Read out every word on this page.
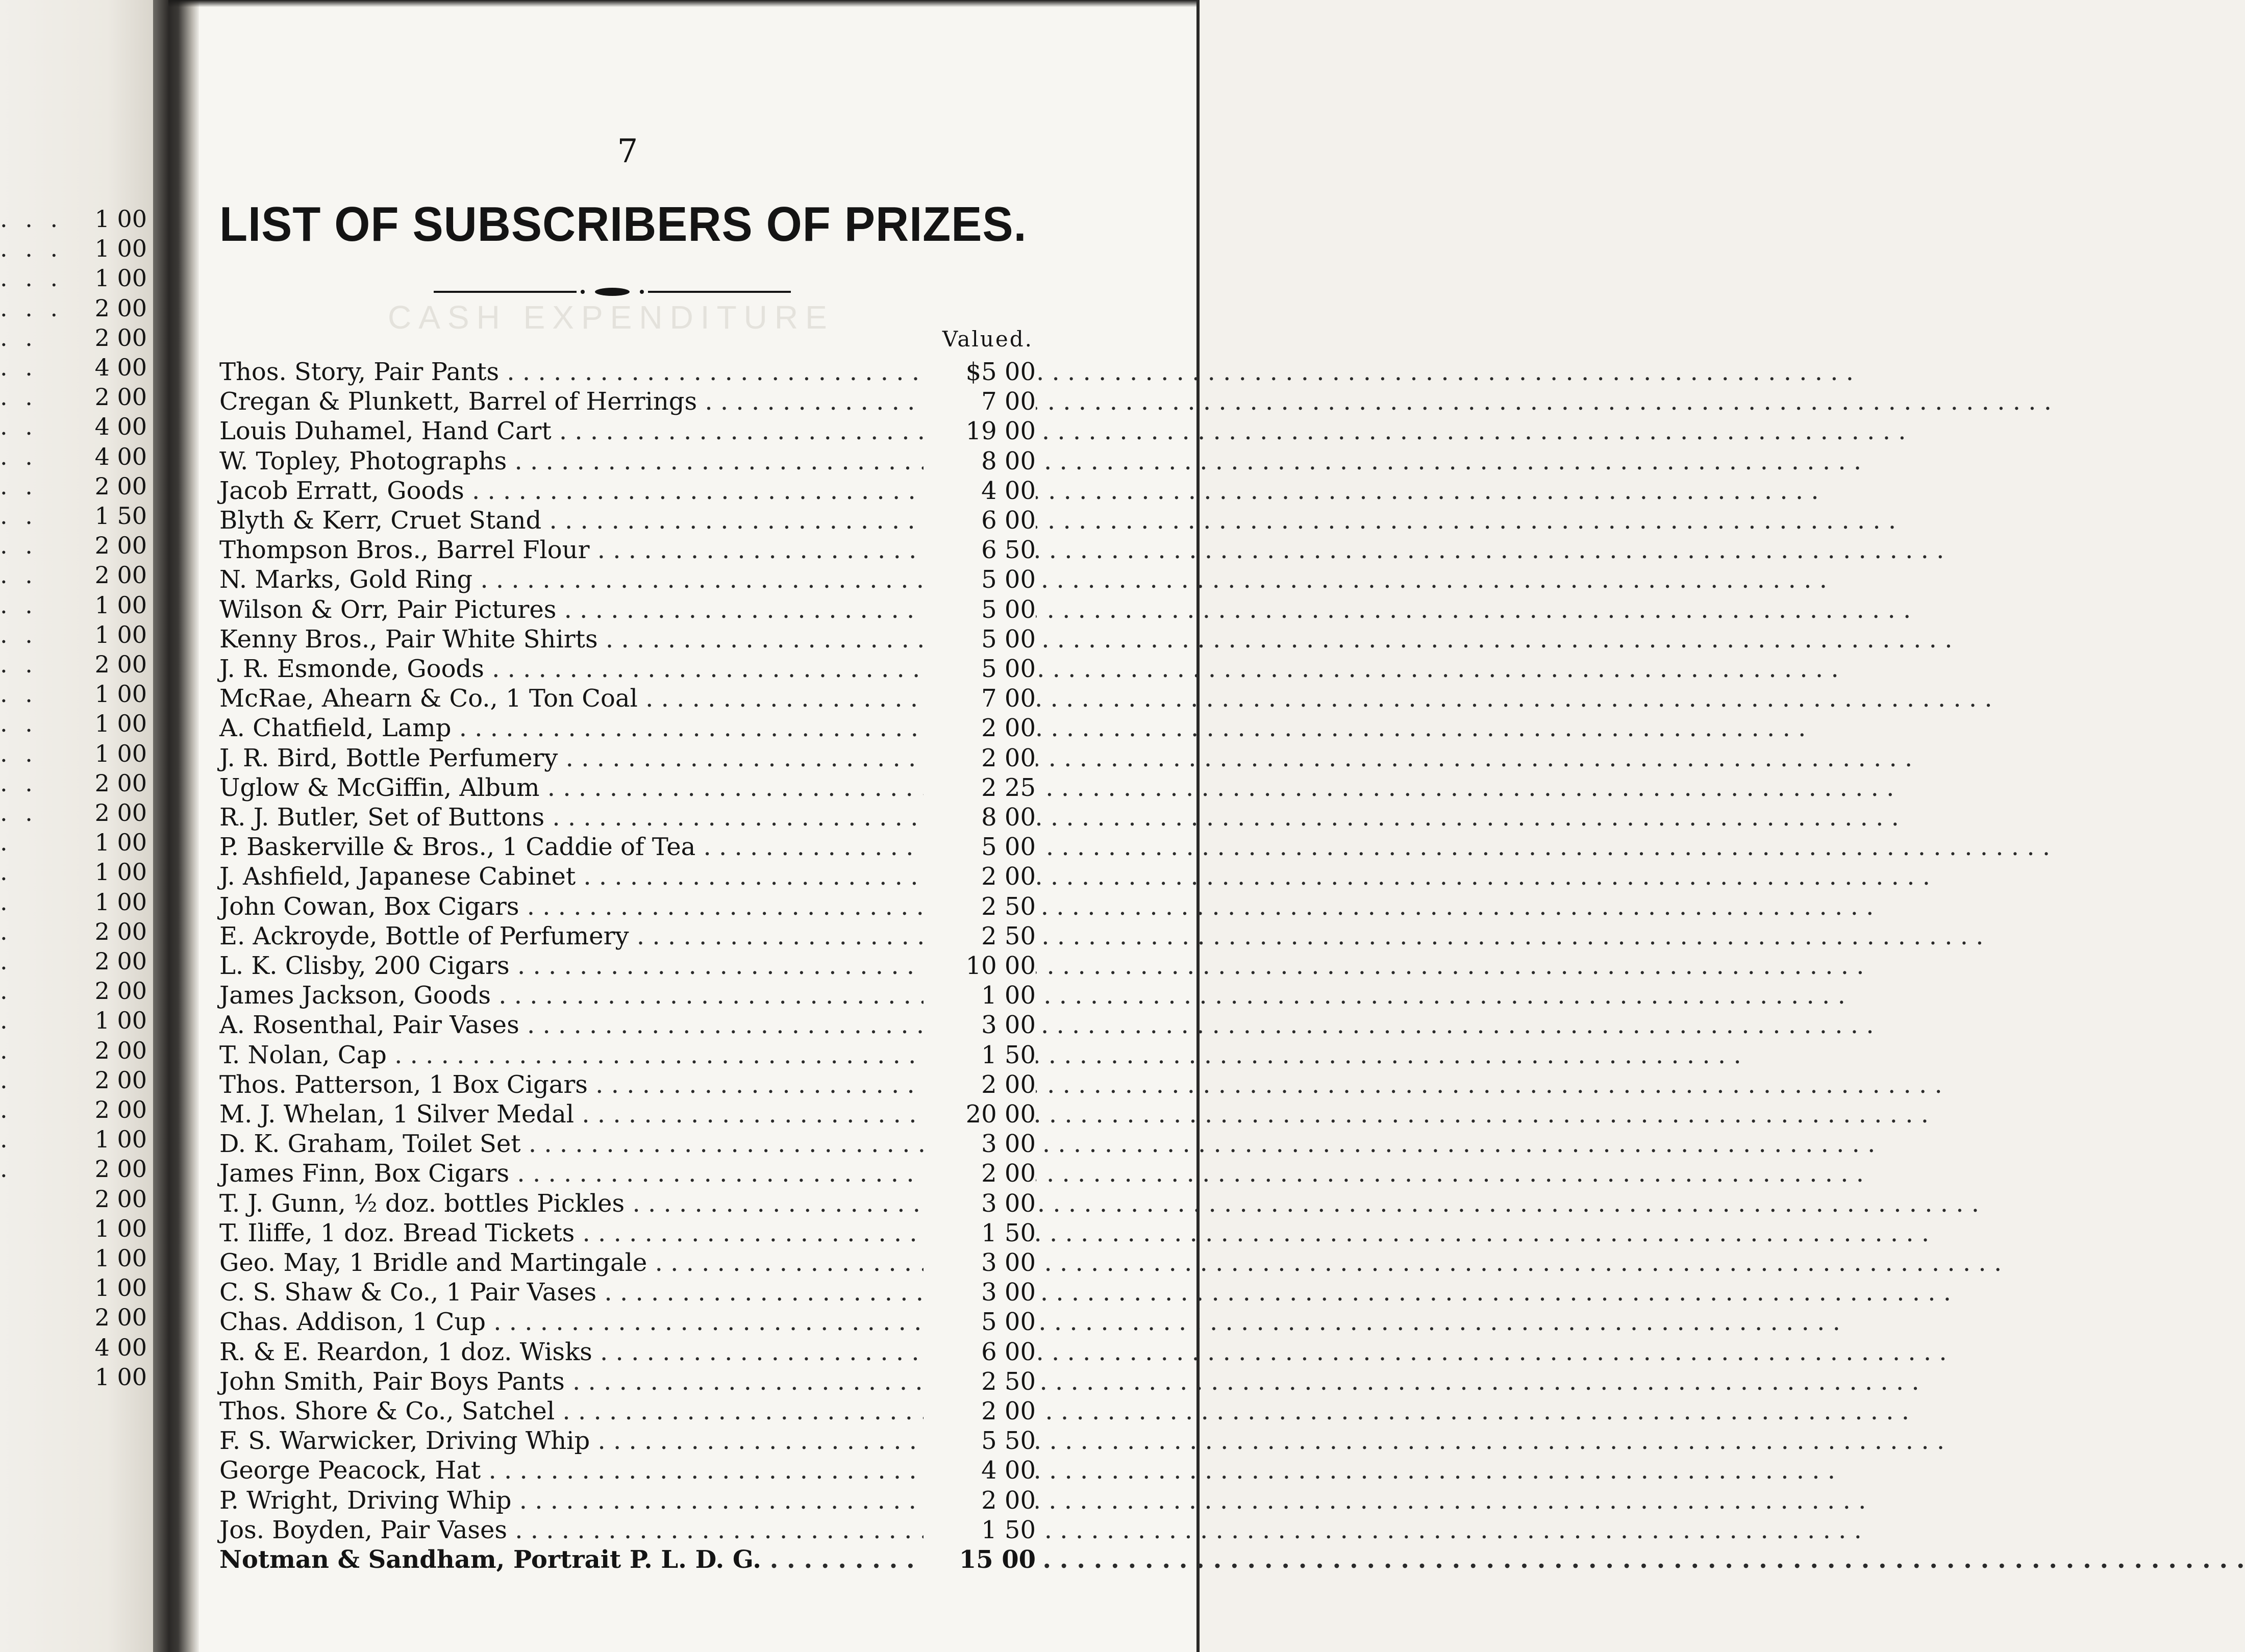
. . . 1 00
. . . 1 00
. . . 1 00
. . . 2 00
. . 2 00
. . 4 00
. . 2 00
. . 4 00
. . 4 00
. . 2 00
. . 1 50
. . 2 00
. . 2 00
. . 1 00
. . 1 00
. . 2 00
. . 1 00
. . 1 00
. . 1 00
. . 2 00
. . 2 00
.	1 00
.	1 00
.	1 00
.	2 00
.	2 00
.	2 00
.	1 00
.	2 00
.	2 00
.	2 00
.	1 00
.	2 00
2 00
1 00
1 00
1 00
2 00
4 00
1 00
7
CASH EXPENDITURE
LIST OF SUBSCRIBERS OF PRIZES.
Valued.
Thos. Story, Pair Pants . . .	$5 00
Cregan & Plunkett, Barrel of Herrings . . .	7 00
Louis Duhamel, Hand Cart . . .	19 00
W. Topley, Photographs . . .	8 00
Jacob Erratt, Goods . . .	4 00
Blyth & Kerr, Cruet Stand . . .	6 00
Thompson Bros., Barrel Flour . . .	6 50
N. Marks, Gold Ring . . .	5 00
Wilson & Orr, Pair Pictures . . .	5 00
Kenny Bros., Pair White Shirts . . .	5 00
J. R. Esmonde, Goods . . .	5 00
McRae, Ahearn & Co., 1 Ton Coal . . .	7 00
A. Chatfield, Lamp . . .	2 00
J. R. Bird, Bottle Perfumery . . .	2 00
Uglow & McGiffin, Album . . .	2 25
R. J. Butler, Set of Buttons . . .	8 00
P. Baskerville & Bros., 1 Caddie of Tea . . .	5 00
J. Ashfield, Japanese Cabinet . . .	2 00
John Cowan, Box Cigars . . .	2 50
E. Ackroyde, Bottle of Perfumery . . .	2 50
L. K. Clisby, 200 Cigars . . .	10 00
James Jackson, Goods . . .	1 00
A. Rosenthal, Pair Vases . . .	3 00
T. Nolan, Cap . . .	1 50
Thos. Patterson, 1 Box Cigars . . .	2 00
M. J. Whelan, 1 Silver Medal . . .	20 00
D. K. Graham, Toilet Set . . .	3 00
James Finn, Box Cigars . . .	2 00
T. J. Gunn, ½ doz. bottles Pickles . . .	3 00
T. Iliffe, 1 doz. Bread Tickets . . .	1 50
Geo. May, 1 Bridle and Martingale . . .	3 00
C. S. Shaw & Co., 1 Pair Vases . . .	3 00
Chas. Addison, 1 Cup . . .	5 00
R. & E. Reardon, 1 doz. Wisks . . .	6 00
John Smith, Pair Boys Pants . . .	2 50
Thos. Shore & Co., Satchel . . .	2 00
F. S. Warwicker, Driving Whip . . .	5 50
George Peacock, Hat . . .	4 00
P. Wright, Driving Whip . . .	2 00
Jos. Boyden, Pair Vases . . .	1 50
Notman & Sandham, Portrait P. L. D. G. . . .	15 00
